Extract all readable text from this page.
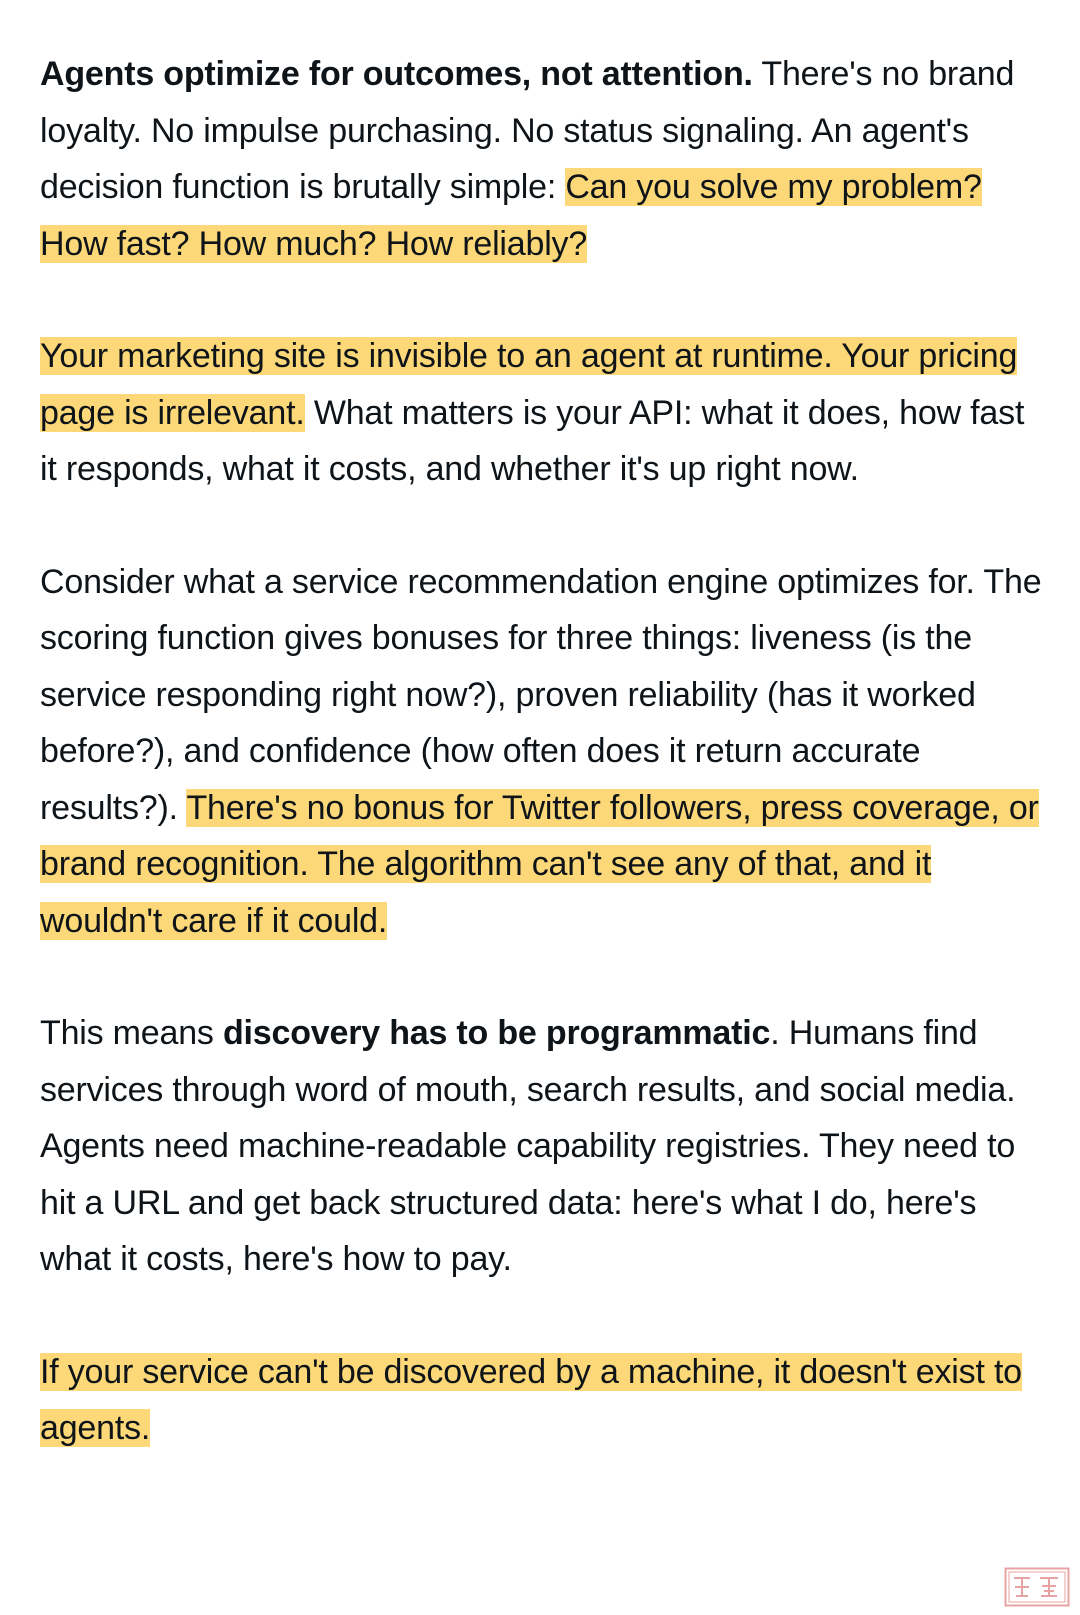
Agents optimize for outcomes, not attention. There's no brand loyalty. No impulse purchasing. No status signaling. An agent's decision function is brutally simple: Can you solve my problem? How fast? How much? How reliably?

Your marketing site is invisible to an agent at runtime. Your pricing page is irrelevant. What matters is your API: what it does, how fast it responds, what it costs, and whether it's up right now.

Consider what a service recommendation engine optimizes for. The scoring function gives bonuses for three things: liveness (is the service responding right now?), proven reliability (has it worked before?), and confidence (how often does it return accurate results?). There's no bonus for Twitter followers, press coverage, or brand recognition. The algorithm can't see any of that, and it wouldn't care if it could.

This means discovery has to be programmatic. Humans find services through word of mouth, search results, and social media. Agents need machine-readable capability registries. They need to hit a URL and get back structured data: here's what I do, here's what it costs, here's how to pay.

If your service can't be discovered by a machine, it doesn't exist to agents.
